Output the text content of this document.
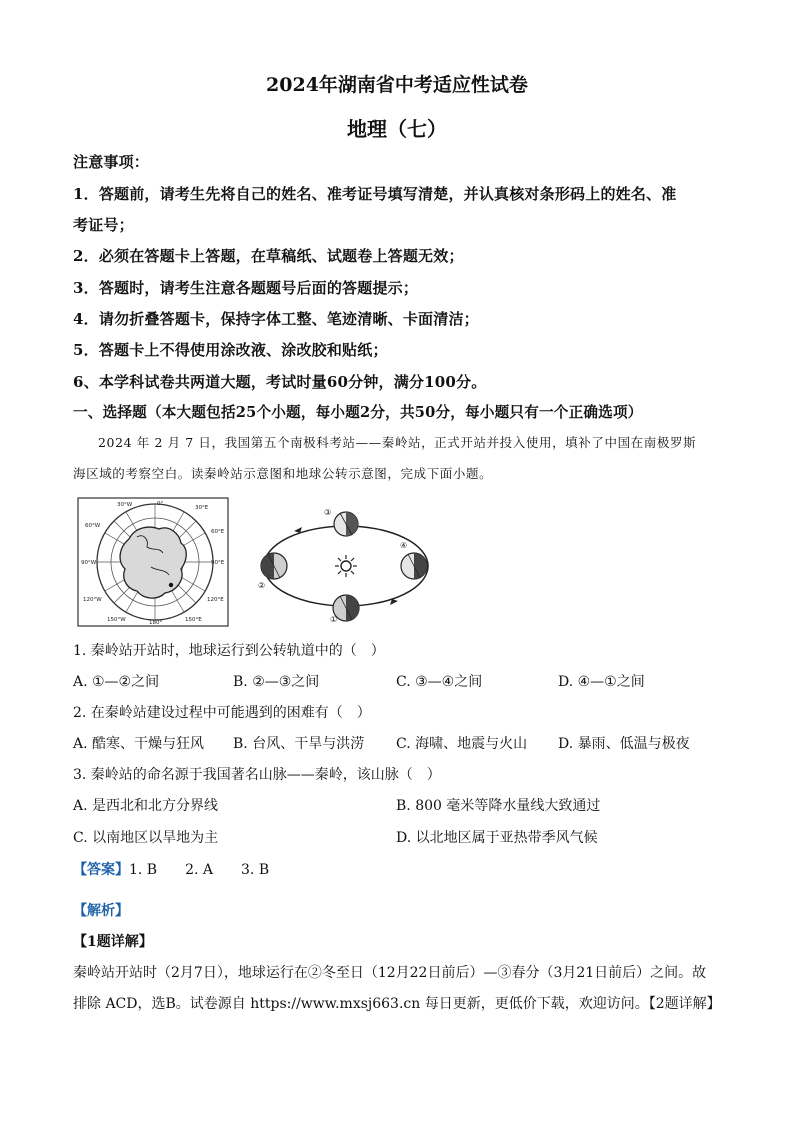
2024年湖南省中考适应性试卷
地理（七）
注意事项：
1．答题前，请考生先将自己的姓名、准考证号填写清楚，并认真核对条形码上的姓名、准
考证号；
2．必须在答题卡上答题，在草稿纸、试题卷上答题无效；
3．答题时，请考生注意各题题号后面的答题提示；
4．请勿折叠答题卡，保持字体工整、笔迹清晰、卡面清洁；
5．答题卡上不得使用涂改液、涂改胶和贴纸；
6、本学科试卷共两道大题，考试时量60分钟，满分100分。
一、选择题（本大题包括25个小题，每小题2分，共50分，每小题只有一个正确选项）
2024 年 2 月 7 日，我国第五个南极科考站——秦岭站，正式开站并投入使用，填补了中国在南极罗斯
海区域的考察空白。读秦岭站示意图和地球公转示意图，完成下面小题。
60°W
90°W
120°W
150°W	180°
30°W	0°
30°E
60°E
90°E
120°E
150°E
③
④
①
②
1. 秦岭站开站时，地球运行到公转轨道中的（　）
A. ①—②之间	B. ②—③之间	C. ③—④之间	D. ④—①之间
2. 在秦岭站建设过程中可能遇到的困难有（　）
A. 酷寒、干燥与狂风 B. 台风、干旱与洪涝 C. 海啸、地震与火山 D. 暴雨、低温与极夜
3. 秦岭站的命名源于我国著名山脉——秦岭，该山脉（　）
A. 是西北和北方分界线	B. 800 毫米等降水量线大致通过
C. 以南地区以旱地为主	D. 以北地区属于亚热带季风气候
【答案】1. B　　2. A　　3. B
【解析】
【1题详解】
秦岭站开站时（2月7日），地球运行在②冬至日（12月22日前后）—③春分（3月21日前后）之间。故
排除 ACD，选B。试卷源自 https://www.mxsj663.cn 每日更新，更低价下载，欢迎访问。【2题详解】
